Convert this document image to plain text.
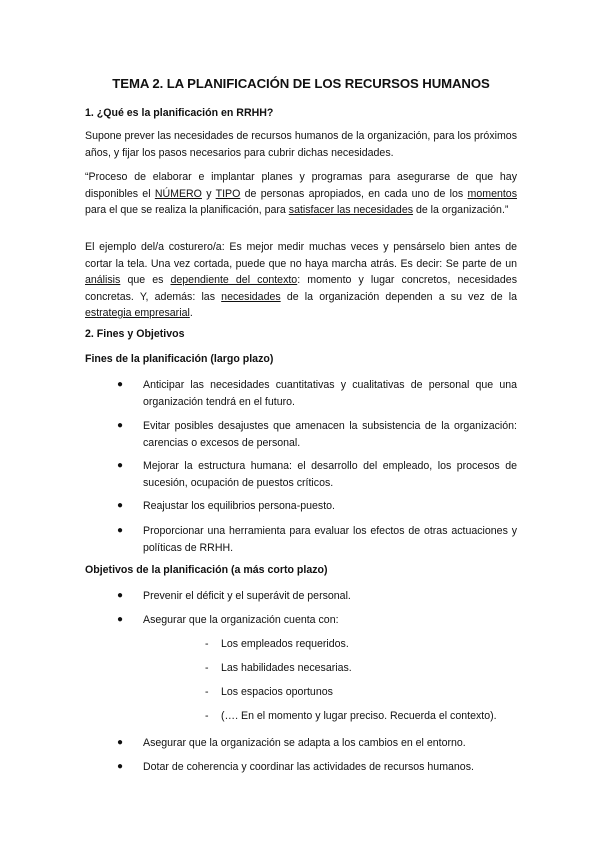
TEMA 2. LA PLANIFICACIÓN DE LOS RECURSOS HUMANOS
1. ¿Qué es la planificación en RRHH?
Supone prever las necesidades de recursos humanos de la organización, para los próximos años, y fijar los pasos necesarios para cubrir dichas necesidades.
“Proceso de elaborar e implantar planes y programas para asegurarse de que hay disponibles el NÚMERO y TIPO de personas apropiados, en cada uno de los momentos para el que se realiza la planificación, para satisfacer las necesidades de la organización.”
El ejemplo del/a costurero/a: Es mejor medir muchas veces y pensárselo bien antes de cortar la tela. Una vez cortada, puede que no haya marcha atrás. Es decir: Se parte de un análisis que es dependiente del contexto: momento y lugar concretos, necesidades concretas. Y, además: las necesidades de la organización dependen a su vez de la estrategia empresarial.
2. Fines y Objetivos
Fines de la planificación (largo plazo)
● Anticipar las necesidades cuantitativas y cualitativas de personal que una organización tendrá en el futuro.
● Evitar posibles desajustes que amenacen la subsistencia de la organización: carencias o excesos de personal.
● Mejorar la estructura humana: el desarrollo del empleado, los procesos de sucesión, ocupación de puestos críticos.
● Reajustar los equilibrios persona-puesto.
● Proporcionar una herramienta para evaluar los efectos de otras actuaciones y políticas de RRHH.
Objetivos de la planificación (a más corto plazo)
● Prevenir el déficit y el superávit de personal.
● Asegurar que la organización cuenta con:
- Los empleados requeridos.
- Las habilidades necesarias.
- Los espacios oportunos
- (…. En el momento y lugar preciso. Recuerda el contexto).
● Asegurar que la organización se adapta a los cambios en el entorno.
● Dotar de coherencia y coordinar las actividades de recursos humanos.
